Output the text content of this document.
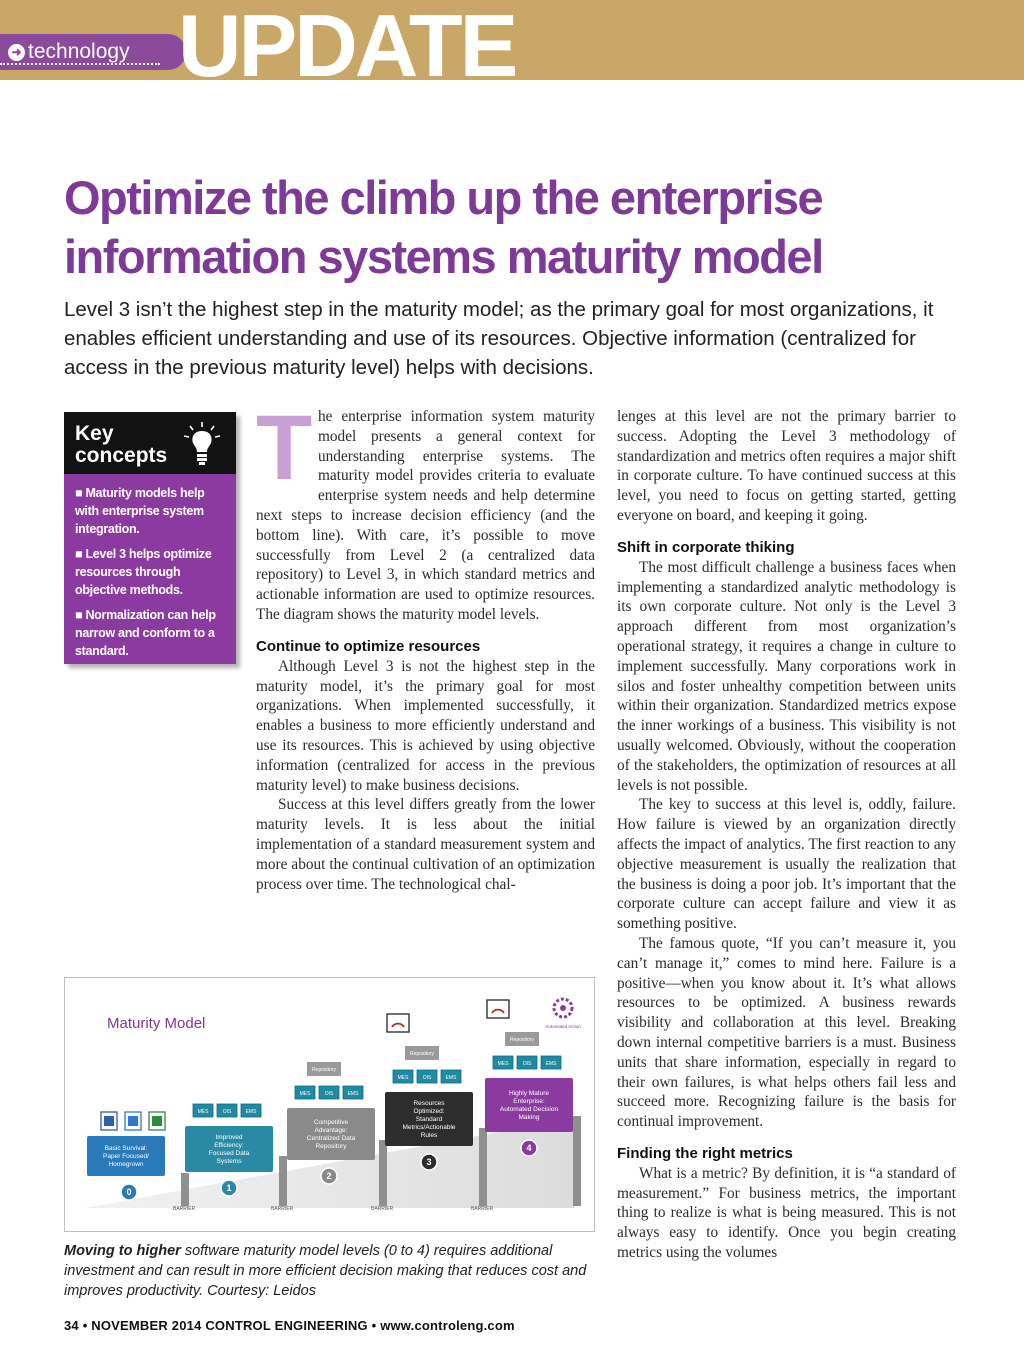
➜ technology UPDATE
Optimize the climb up the enterprise information systems maturity model

Level 3 isn’t the highest step in the maturity model; as the primary goal for most organizations, it enables efficient understanding and use of its resources. Objective information (centralized for access in the previous maturity level) helps with decisions.

Key
concepts

■ Maturity models help with enterprise system integration.

■ Level 3 helps optimize resources through objective methods.

■ Normalization can help narrow and conform to a standard.

T he enterprise information system maturity model presents a general context for understanding enterprise systems. The maturity model provides criteria to evaluate enterprise system needs and help determine next steps to increase decision efficiency (and the bottom line). With care, it’s possible to move successfully from Level 2 (a centralized data repository) to Level 3, in which standard metrics and actionable information are used to optimize resources. The diagram shows the maturity model levels.

Continue to optimize resources

Although Level 3 is not the highest step in the maturity model, it’s the primary goal for most organizations. When implemented successfully, it enables a business to more efficiently understand and use its resources. This is achieved by using objective information (centralized for access in the previous maturity level) to make business decisions.

Success at this level differs greatly from the lower maturity levels. It is less about the initial implementation of a standard measurement system and more about the continual cultivation of an optimization process over time. The technological chal-

lenges at this level are not the primary barrier to success. Adopting the Level 3 methodology of standardization and metrics often requires a major shift in corporate culture. To have continued success at this level, you need to focus on getting started, getting everyone on board, and keeping it going.

Shift in corporate thiking

The most difficult challenge a business faces when implementing a standardized analytic methodology is its own corporate culture. Not only is the Level 3 approach different from most organization’s operational strategy, it requires a change in culture to implement successfully. Many corporations work in silos and foster unhealthy competition between units within their organization. Standardized metrics expose the inner workings of a business. This visibility is not usually welcomed. Obviously, without the cooperation of the stakeholders, the optimization of resources at all levels is not possible.

The key to success at this level is, oddly, failure. How failure is viewed by an organization directly affects the impact of analytics. The first reaction to any objective measurement is usually the realization that the business is doing a poor job. It’s important that the corporate culture can accept failure and view it as something positive.

The famous quote, “If you can’t measure it, you can’t manage it,” comes to mind here. Failure is a positive—when you know about it. It’s what allows resources to be optimized. A business rewards visibility and collaboration at this level. Breaking down internal competitive barriers is a must. Business units that share information, especially in regard to their own failures, is what helps others fail less and succeed more. Recognizing failure is the basis for continual improvement.

Finding the right metrics

What is a metric? By definition, it is “a standard of measurement.” For business metrics, the important thing to realize is what is being measured. This is not always easy to identify. Once you begin creating metrics using the volumes

Maturity Model
BARRIER	BARRIER	BARRIER	BARRIER
Basic Survival:
Paper Focused/
Homegrown
0
Improved
Efficiency:
Focused Data
Systems
1
MES	OIS	EMS
Competitive
Advantage:
Centralized Data
Repository
2
MES	OIS	EMS
Repository
Resources
Optimized:
Standard
Metrics/Actionable
Rules
3
MES	OIS	EMS
Repository
Highly Mature
Enterprise:
Automated Decision
Making
4
MES	OIS	EMS
Repository
Automated Action

Moving to higher software maturity model levels (0 to 4) requires additional investment and can result in more efficient decision making that reduces cost and improves productivity. Courtesy: Leidos

34 • NOVEMBER 2014 CONTROL ENGINEERING • www.controleng.com
